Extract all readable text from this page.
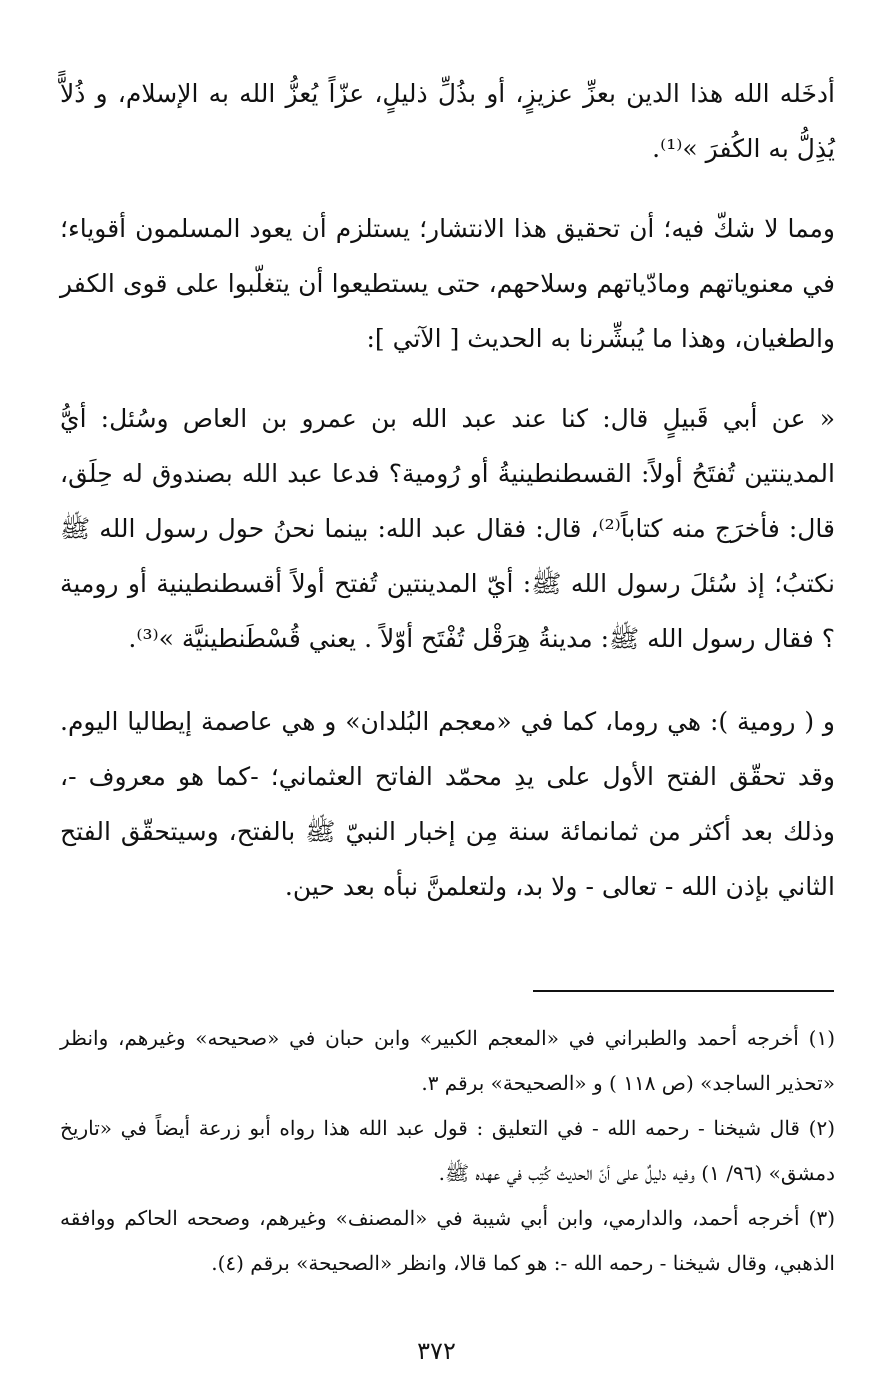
أدخَله الله هذا الدين بعزِّ عزيزٍ، أو بذُلِّ ذليلٍ، عزّاً يُعزُّ الله به الإسلام، و ذُلاًّ يُذِلُّ به الكُفرَ »⁽¹⁾.

ومما لا شكّ فيه؛ أن تحقيق هذا الانتشار؛ يستلزم أن يعود المسلمون أقوياء؛ في معنوياتهم ومادّياتهم وسلاحهم، حتى يستطيعوا أن يتغلّبوا على قوى الكفر والطغيان، وهذا ما يُبشِّرنا به الحديث [ الآتي ]:

« عن أبي قَبيلٍ قال: كنا عند عبد الله بن عمرو بن العاص وسُئل: أيُّ المدينتين تُفتَحُ أولاً: القسطنطينيةُ أو رُومية؟ فدعا عبد الله بصندوق له حِلَق، قال: فأخرَج منه كتاباً⁽²⁾، قال: فقال عبد الله: بينما نحنُ حول رسول الله ﷺ نكتبُ؛ إذ سُئلَ رسول الله ﷺ: أيّ المدينتين تُفتح أولاً أقسطنطينية أو رومية ؟ فقال رسول الله ﷺ: مدينةُ هِرَقْل تُفْتَح أوّلاً . يعني قُسْطَنطينيَّة »⁽³⁾.

و ( رومية ): هي روما، كما في «معجم البُلدان» و هي عاصمة إيطاليا اليوم. وقد تحقّق الفتح الأول على يدِ محمّد الفاتح العثماني؛ -كما هو معروف -، وذلك بعد أكثر من ثمانمائة سنة مِن إخبار النبيّ ﷺ بالفتح، وسيتحقّق الفتح الثاني بإذن الله - تعالى - ولا بد، ولتعلمنَّ نبأه بعد حين.

(١) أخرجه أحمد والطبراني في «المعجم الكبير» وابن حبان في «صحيحه» وغيرهم، وانظر «تحذير الساجد» (ص ١١٨ ) و «الصحيحة» برقم ٣.

(٢) قال شيخنا - رحمه الله - في التعليق : قول عبد الله هذا رواه أبو زرعة أيضاً في «تاريخ دمشق» (٩٦/ ١) وفيه دليلٌ على أنّ الحديث كُتِب في عهده ﷺ.

(٣) أخرجه أحمد، والدارمي، وابن أبي شيبة في «المصنف» وغيرهم، وصححه الحاكم ووافقه الذهبي، وقال شيخنا - رحمه الله -: هو كما قالا، وانظر «الصحيحة» برقم (٤).

٣٧٢
